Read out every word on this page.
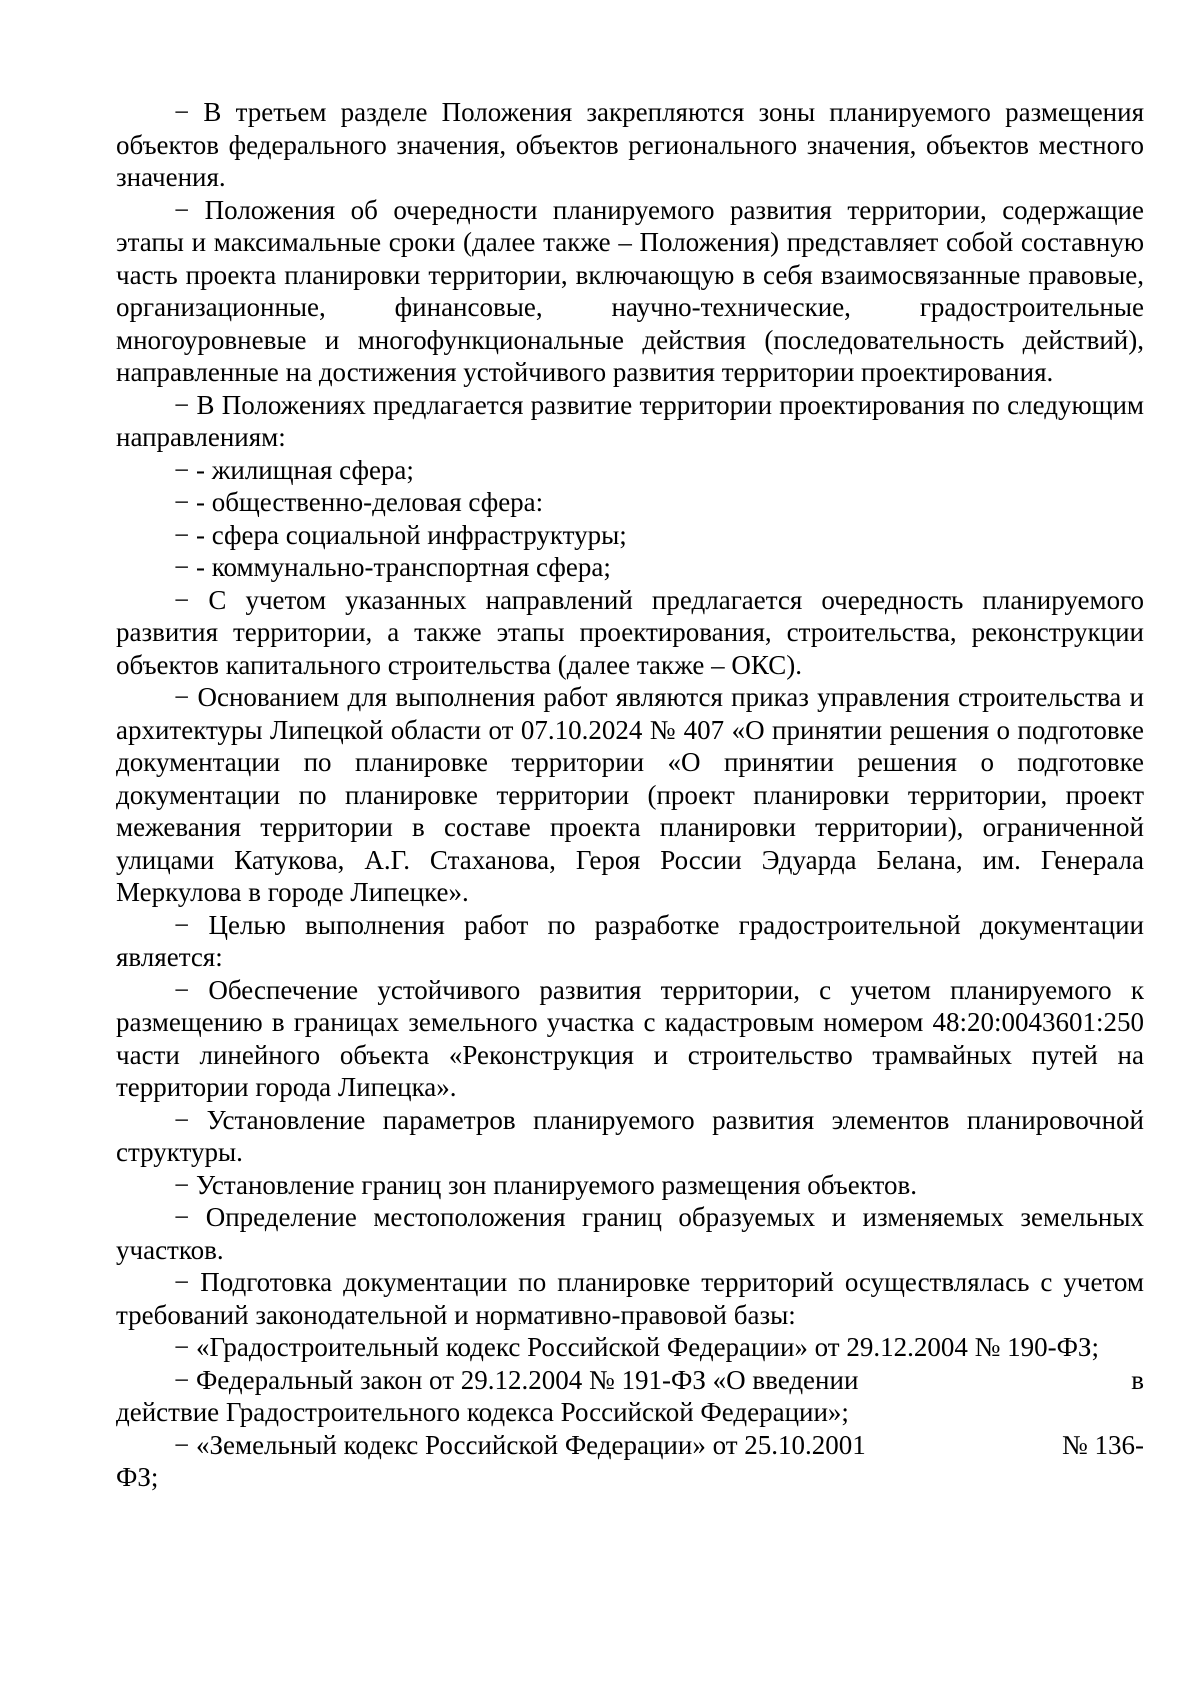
− В третьем разделе Положения закрепляются зоны планируемого размещения объектов федерального значения, объектов регионального значения, объектов местного значения.

− Положения об очередности планируемого развития территории, содержащие этапы и максимальные сроки (далее также – Положения) представляет собой составную часть проекта планировки территории, включающую в себя взаимосвязанные правовые, организационные, финансовые, научно-технические, градостроительные многоуровневые и многофункциональные действия (последовательность действий), направленные на достижения устойчивого развития территории проектирования.

− В Положениях предлагается развитие территории проектирования по следующим направлениям:

− - жилищная сфера;

− - общественно-деловая сфера:

− - сфера социальной инфраструктуры;

− - коммунально-транспортная сфера;

− С учетом указанных направлений предлагается очередность планируемого развития территории, а также этапы проектирования, строительства, реконструкции объектов капитального строительства (далее также – ОКС).

− Основанием для выполнения работ являются приказ управления строительства и архитектуры Липецкой области от 07.10.2024 № 407 «О принятии решения о подготовке документации по планировке территории «О принятии решения о подготовке документации по планировке территории (проект планировки территории, проект межевания территории в составе проекта планировки территории), ограниченной улицами Катукова, А.Г. Стаханова, Героя России Эдуарда Белана, им. Генерала Меркулова в городе Липецке».

− Целью выполнения работ по разработке градостроительной документации является:

− Обеспечение устойчивого развития территории, с учетом планируемого к размещению в границах земельного участка с кадастровым номером 48:20:0043601:250 части линейного объекта «Реконструкция и строительство трамвайных путей на территории города Липецка».

− Установление параметров планируемого развития элементов планировочной структуры.

− Установление границ зон планируемого размещения объектов.

− Определение местоположения границ образуемых и изменяемых земельных участков.

− Подготовка документации по планировке территорий осуществлялась с учетом требований законодательной и нормативно-правовой базы:

− «Градостроительный кодекс Российской Федерации» от 29.12.2004 № 190-ФЗ;

− Федеральный закон от 29.12.2004 № 191-ФЗ «О введении	в
действие Градостроительного кодекса Российской Федерации»;
− «Земельный кодекс Российской Федерации» от 25.10.2001	№ 136-
ФЗ;
